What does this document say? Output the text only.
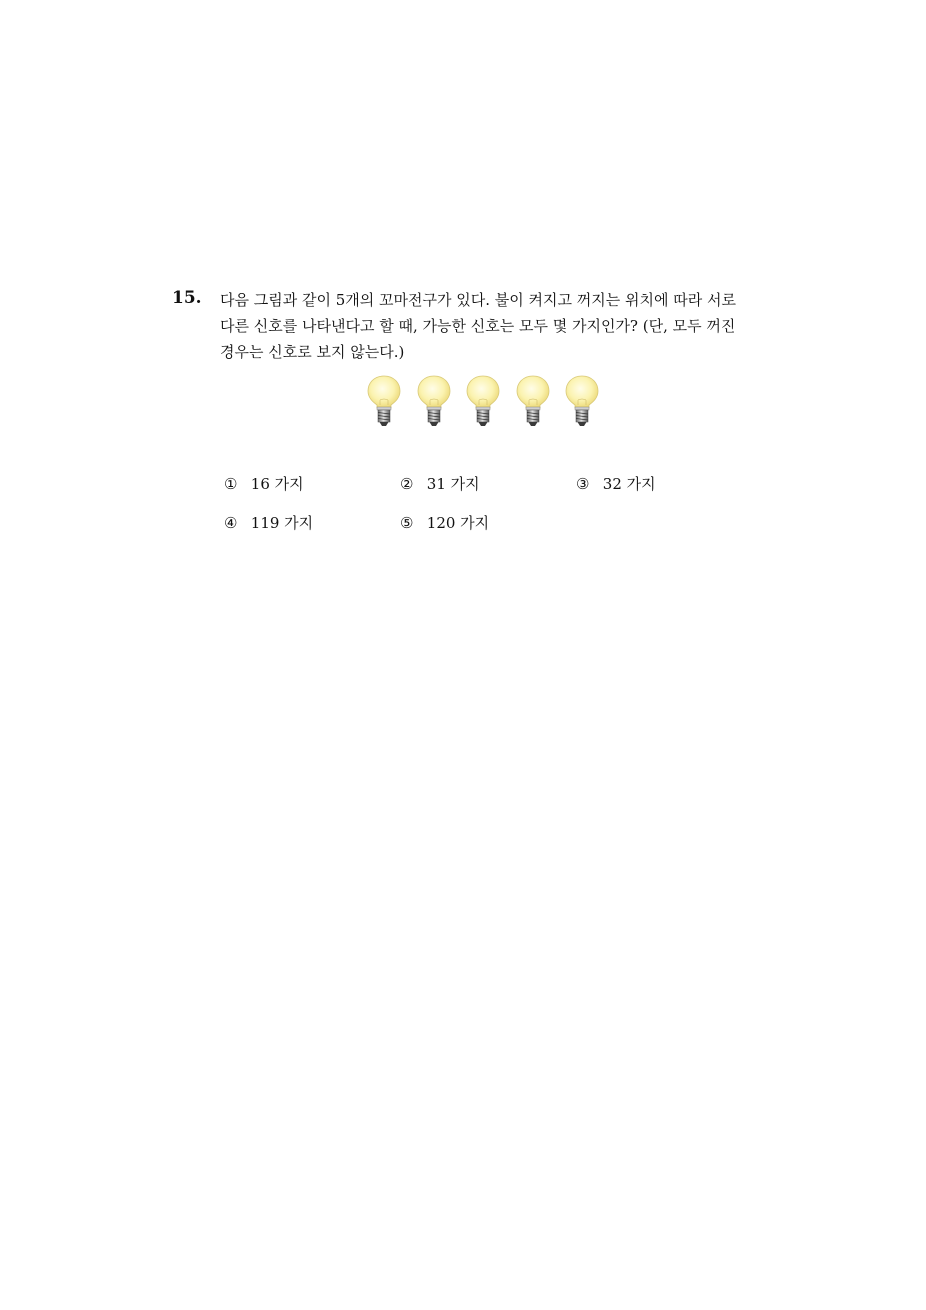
15. 다음 그림과 같이 5개의 꼬마전구가 있다. 불이 켜지고 꺼지는 위치에 따라 서로
다른 신호를 나타낸다고 할 때, 가능한 신호는 모두 몇 가지인가? (단, 모두 꺼진
경우는 신호로 보지 않는다.)
① 16 가지	② 31 가지	③ 32 가지
④ 119 가지	⑤ 120 가지
